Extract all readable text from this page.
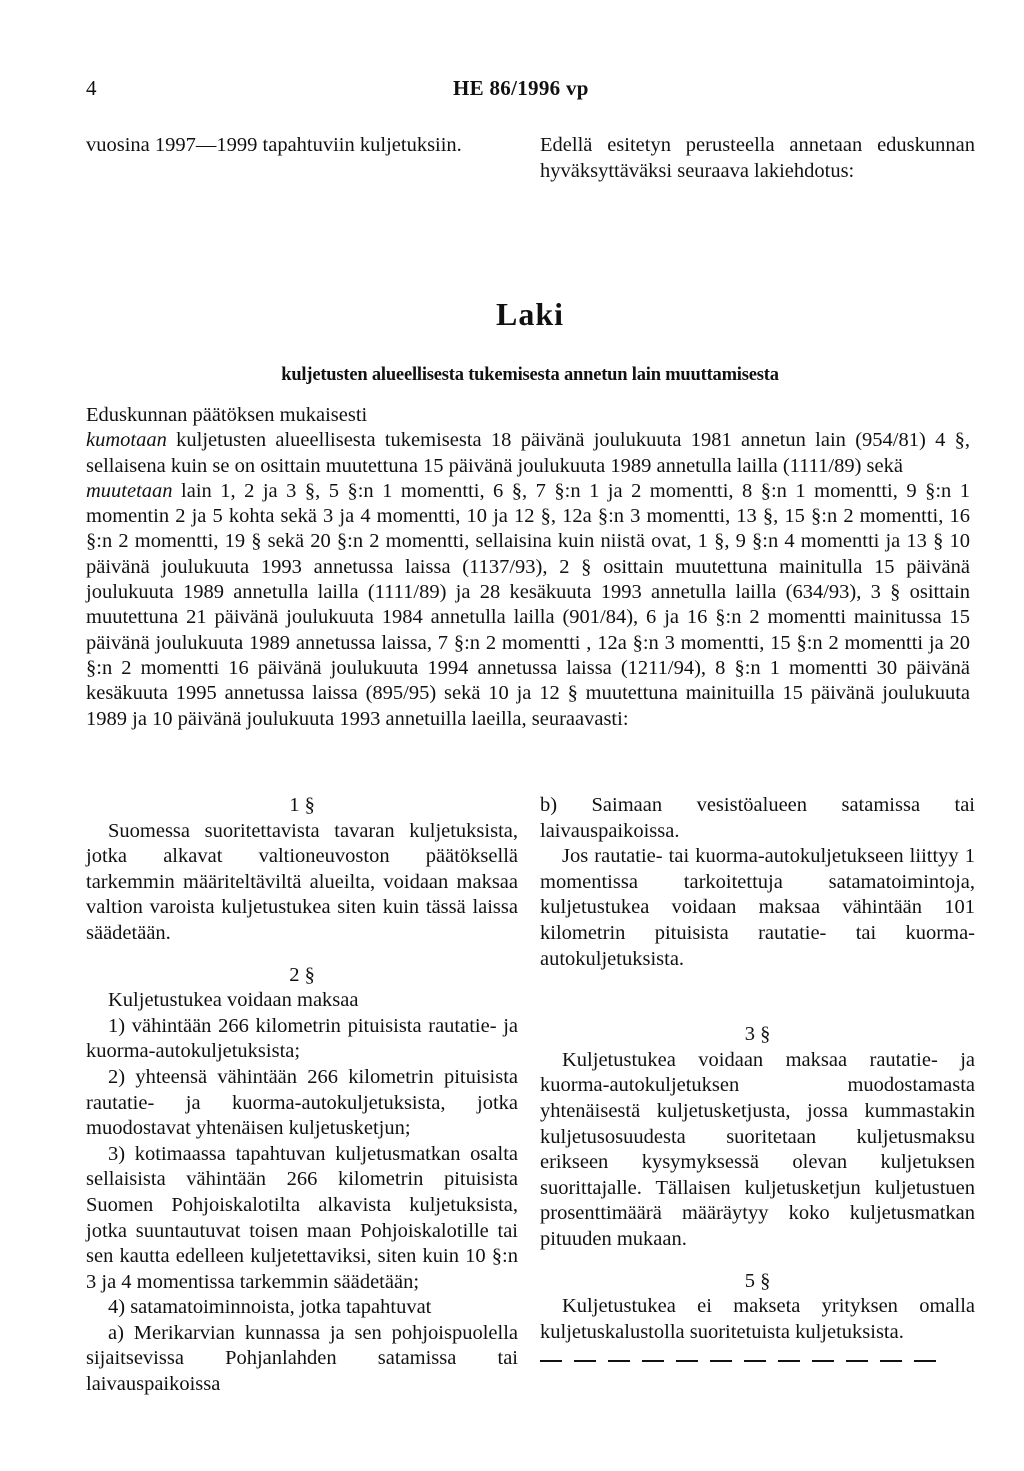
4	HE 86/1996 vp
vuosina 1997—1999 tapahtuviin kuljetuksiin.	Edellä esitetyn perusteella annetaan eduskunnan hyväksyttäväksi seuraava lakiehdotus:
Laki
kuljetusten alueellisesta tukemisesta annetun lain muuttamisesta

Eduskunnan päätöksen mukaisesti

kumotaan kuljetusten alueellisesta tukemisesta 18 päivänä joulukuuta 1981 annetun lain (954/81) 4 §, sellaisena kuin se on osittain muutettuna 15 päivänä joulukuuta 1989 annetulla lailla (1111/89) sekä

muutetaan lain 1, 2 ja 3 §, 5 §:n 1 momentti, 6 §, 7 §:n 1 ja 2 momentti, 8 §:n 1 momentti, 9 §:n 1 momentin 2 ja 5 kohta sekä 3 ja 4 momentti, 10 ja 12 §, 12a §:n 3 momentti, 13 §, 15 §:n 2 momentti, 16 §:n 2 momentti, 19 § sekä 20 §:n 2 momentti, sellaisina kuin niistä ovat, 1 §, 9 §:n 4 momentti ja 13 § 10 päivänä joulukuuta 1993 annetussa laissa (1137/93), 2 § osittain muutettuna mainitulla 15 päivänä joulukuuta 1989 annetulla lailla (1111/89) ja 28 kesäkuuta 1993 annetulla lailla (634/93), 3 § osittain muutettuna 21 päivänä joulukuuta 1984 annetulla lailla (901/84), 6 ja 16 §:n 2 momentti mainitussa 15 päivänä joulukuuta 1989 annetussa laissa, 7 §:n 2 momentti , 12a §:n 3 momentti, 15 §:n 2 momentti ja 20 §:n 2 momentti 16 päivänä joulukuuta 1994 annetussa laissa (1211/94), 8 §:n 1 momentti 30 päivänä kesäkuuta 1995 annetussa laissa (895/95) sekä 10 ja 12 § muutettuna mainituilla 15 päivänä joulukuuta 1989 ja 10 päivänä joulukuuta 1993 annetuilla laeilla, seuraavasti:

1 §

Suomessa suoritettavista tavaran kuljetuksista, jotka alkavat valtioneuvoston päätöksellä tarkemmin määriteltäviltä alueilta, voidaan maksaa valtion varoista kuljetustukea siten kuin tässä laissa säädetään.

2 §

Kuljetustukea voidaan maksaa

1) vähintään 266 kilometrin pituisista rautatie- ja kuorma-autokuljetuksista;

2) yhteensä vähintään 266 kilometrin pituisista rautatie- ja kuorma-autokuljetuksista, jotka muodostavat yhtenäisen kuljetusketjun;

3) kotimaassa tapahtuvan kuljetusmatkan osalta sellaisista vähintään 266 kilometrin pituisista Suomen Pohjoiskalotilta alkavista kuljetuksista, jotka suuntautuvat toisen maan Pohjoiskalotille tai sen kautta edelleen kuljetettaviksi, siten kuin 10 §:n 3 ja 4 momentissa tarkemmin säädetään;

4) satamatoiminnoista, jotka tapahtuvat

a) Merikarvian kunnassa ja sen pohjoispuolella sijaitsevissa Pohjanlahden satamissa tai laivauspaikoissa

b) Saimaan vesistöalueen satamissa tai laivauspaikoissa.

Jos rautatie- tai kuorma-autokuljetukseen liittyy 1 momentissa tarkoitettuja satamatoimintoja, kuljetustukea voidaan maksaa vähintään 101 kilometrin pituisista rautatie- tai kuorma-autokuljetuksista.

3 §

Kuljetustukea voidaan maksaa rautatie- ja kuorma-autokuljetuksen muodostamasta yhtenäisestä kuljetusketjusta, jossa kummastakin kuljetusosuudesta suoritetaan kuljetusmaksu erikseen kysymyksessä olevan kuljetuksen suorittajalle. Tällaisen kuljetusketjun kuljetustuen prosenttimäärä määräytyy koko kuljetusmatkan pituuden mukaan.

5 §

Kuljetustukea ei makseta yrityksen omalla kuljetuskalustolla suoritetuista kuljetuksista.
